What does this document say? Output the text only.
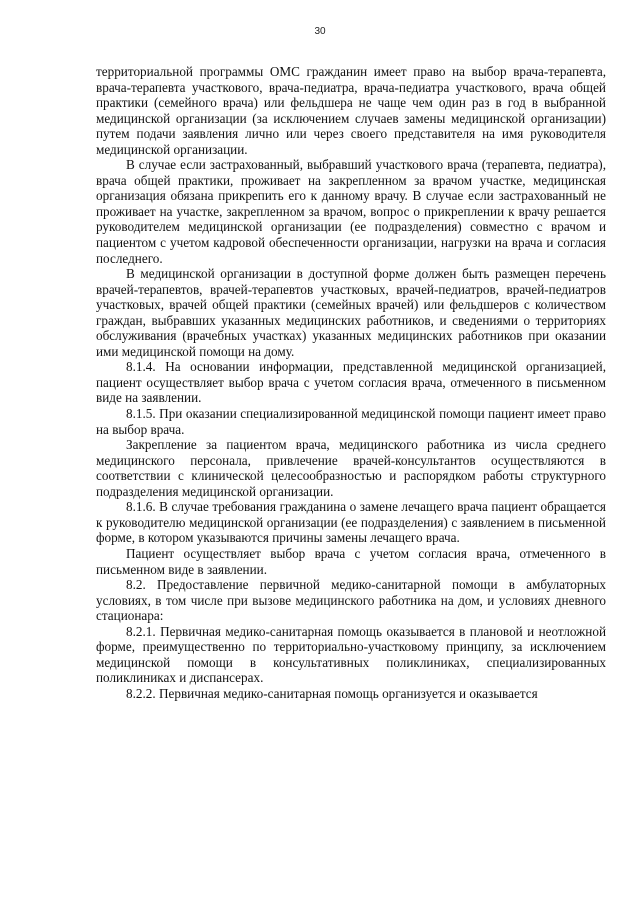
30

территориальной программы ОМС гражданин имеет право на выбор врача-терапевта, врача-терапевта участкового, врача-педиатра, врача-педиатра участкового, врача общей практики (семейного врача) или фельдшера не чаще чем один раз в год в выбранной медицинской организации (за исключением случаев замены медицинской организации) путем подачи заявления лично или через своего представителя на имя руководителя медицинской организации.

В случае если застрахованный, выбравший участкового врача (терапевта, педиатра), врача общей практики, проживает на закрепленном за врачом участке, медицинская организация обязана прикрепить его к данному врачу. В случае если застрахованный не проживает на участке, закрепленном за врачом, вопрос о прикреплении к врачу решается руководителем медицинской организации (ее подразделения) совместно с врачом и пациентом с учетом кадровой обеспеченности организации, нагрузки на врача и согласия последнего.

В медицинской организации в доступной форме должен быть размещен перечень врачей-терапевтов, врачей-терапевтов участковых, врачей-педиатров, врачей-педиатров участковых, врачей общей практики (семейных врачей) или фельдшеров с количеством граждан, выбравших указанных медицинских работников, и сведениями о территориях обслуживания (врачебных участках) указанных медицинских работников при оказании ими медицинской помощи на дому.

8.1.4. На основании информации, представленной медицинской организацией, пациент осуществляет выбор врача с учетом согласия врача, отмеченного в письменном виде на заявлении.

8.1.5. При оказании специализированной медицинской помощи пациент имеет право на выбор врача.

Закрепление за пациентом врача, медицинского работника из числа среднего медицинского персонала, привлечение врачей-консультантов осуществляются в соответствии с клинической целесообразностью и распорядком работы структурного подразделения медицинской организации.

8.1.6. В случае требования гражданина о замене лечащего врача пациент обращается к руководителю медицинской организации (ее подразделения) с заявлением в письменной форме, в котором указываются причины замены лечащего врача.

Пациент осуществляет выбор врача с учетом согласия врача, отмеченного в письменном виде в заявлении.

8.2. Предоставление первичной медико-санитарной помощи в амбулаторных условиях, в том числе при вызове медицинского работника на дом, и условиях дневного стационара:

8.2.1. Первичная медико-санитарная помощь оказывается в плановой и неотложной форме, преимущественно по территориально-участковому принципу, за исключением медицинской помощи в консультативных поликлиниках, специализированных поликлиниках и диспансерах.

8.2.2. Первичная медико-санитарная помощь организуется и оказывается
